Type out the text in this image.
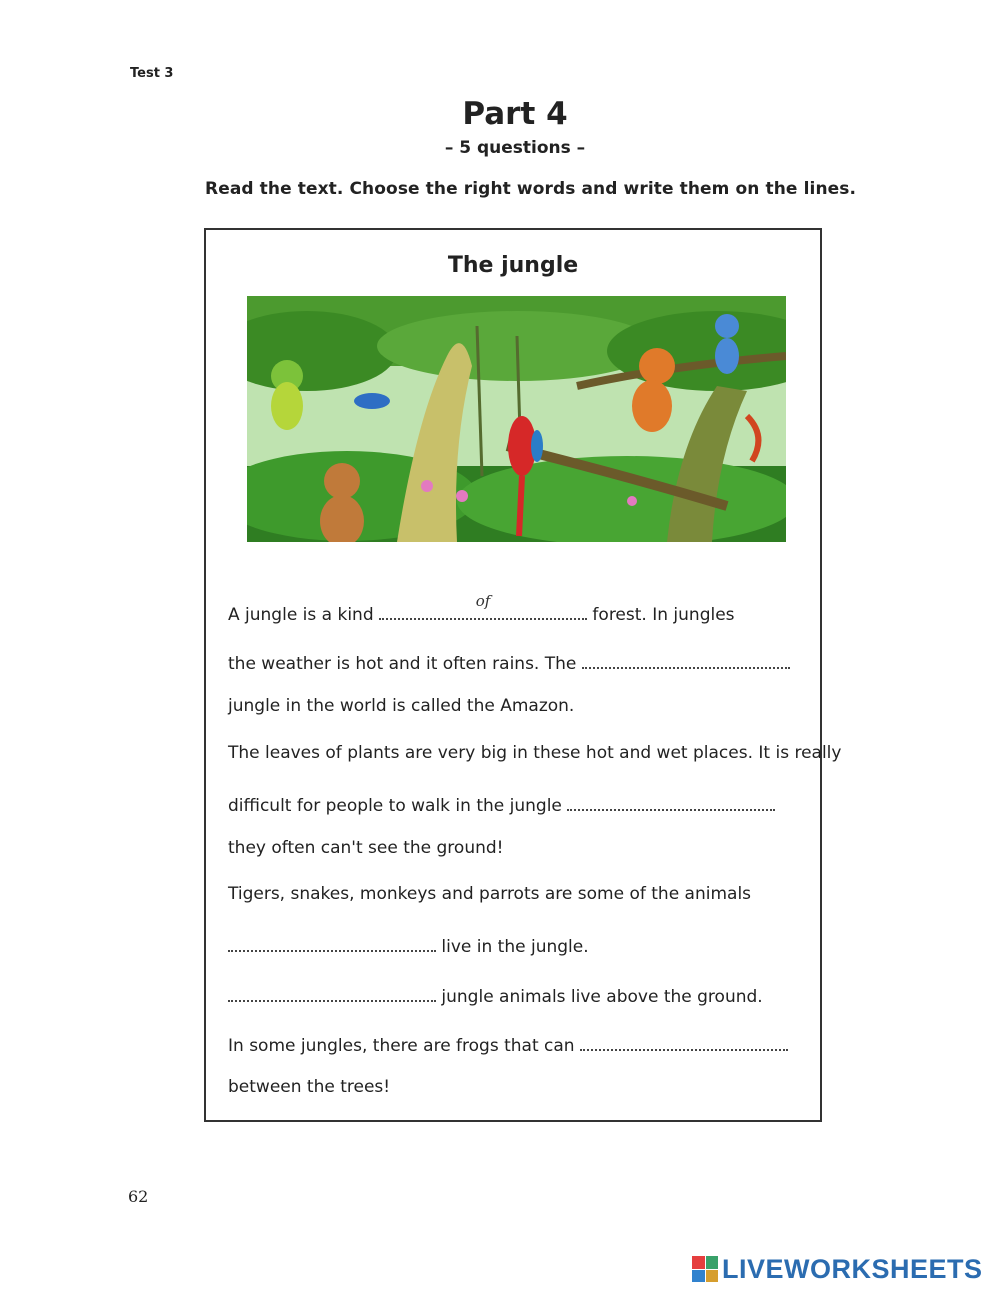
Test 3
Part 4
– 5 questions –
Read the text. Choose the right words and write them on the lines.
The jungle
A jungle is a kind
of
forest. In jungles
the weather is hot and it often rains. The
jungle in the world is called the Amazon.
The leaves of plants are very big in these hot and wet places. It is really
difficult for people to walk in the jungle
they often can't see the ground!
Tigers, snakes, monkeys and parrots are some of the animals
live in the jungle.
jungle animals live above the ground.
In some jungles, there are frogs that can
between the trees!
62
LIVEWORKSHEETS
